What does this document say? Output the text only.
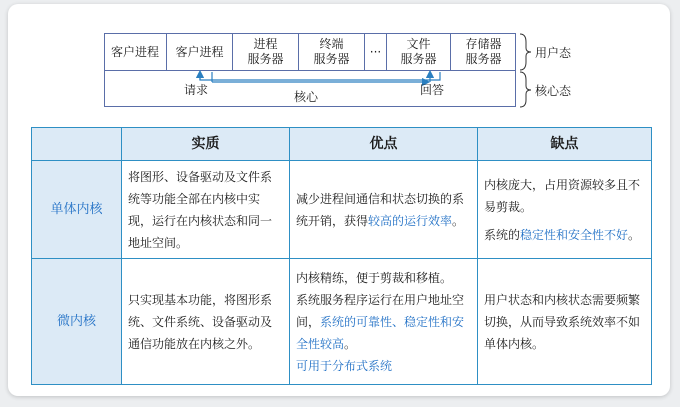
客户进程 客户进程
进程
服务器
终端
服务器
···
文件
服务器
存储器
服务器
请求	核心	回答
用户态
核心态
	实质	优点	缺点
单体内核	将图形、设备驱动及文件系统等功能全部在内核中实现，运行在内核状态和同一地址空间。	减少进程间通信和状态切换的系统开销，获得较高的运行效率。	内核庞大，占用资源较多且不易剪裁。

系统的稳定性和安全性不好。

微内核	只实现基本功能，将图形系统、文件系统、设备驱动及通信功能放在内核之外。	内核精练，便于剪裁和移植。

系统服务程序运行在用户地址空间，系统的可靠性、稳定性和安全性较高。

可用于分布式系统	用户状态和内核状态需要频繁切换，从而导致系统效率不如单体内核。
